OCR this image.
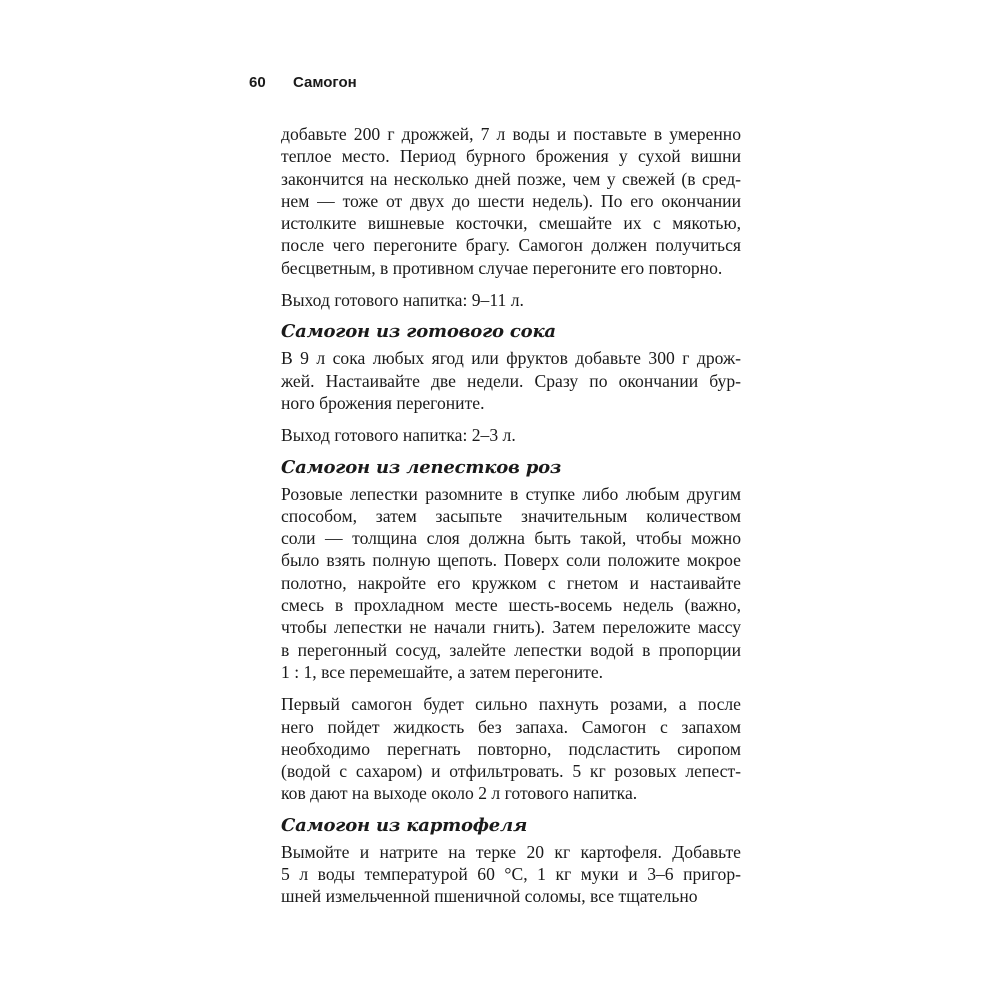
60 Самогон
добавьте 200 г дрожжей, 7 л воды и поставьте в умеренно
теплое место. Период бурного брожения у сухой вишни
закончится на несколько дней позже, чем у свежей (в сред-
нем — тоже от двух до шести недель). По его окончании
истолките вишневые косточки, смешайте их с мякотью,
после чего перегоните брагу. Самогон должен получиться
бесцветным, в противном случае перегоните его повторно.
Выход готового напитка: 9–11 л.
Самогон из готового сока
В 9 л сока любых ягод или фруктов добавьте 300 г дрож-
жей. Настаивайте две недели. Сразу по окончании бур-
ного брожения перегоните.
Выход готового напитка: 2–3 л.
Самогон из лепестков роз
Розовые лепестки разомните в ступке либо любым другим
способом, затем засыпьте значительным количеством
соли — толщина слоя должна быть такой, чтобы можно
было взять полную щепоть. Поверх соли положите мокрое
полотно, накройте его кружком с гнетом и настаивайте
смесь в прохладном месте шесть-восемь недель (важно,
чтобы лепестки не начали гнить). Затем переложите массу
в перегонный сосуд, залейте лепестки водой в пропорции
1 : 1, все перемешайте, а затем перегоните.
Первый самогон будет сильно пахнуть розами, а после
него пойдет жидкость без запаха. Самогон с запахом
необходимо перегнать повторно, подсластить сиропом
(водой с сахаром) и отфильтровать. 5 кг розовых лепест-
ков дают на выходе около 2 л готового напитка.
Самогон из картофеля
Вымойте и натрите на терке 20 кг картофеля. Добавьте
5 л воды температурой 60 °С, 1 кг муки и 3–6 пригор-
шней измельченной пшеничной соломы, все тщательно
